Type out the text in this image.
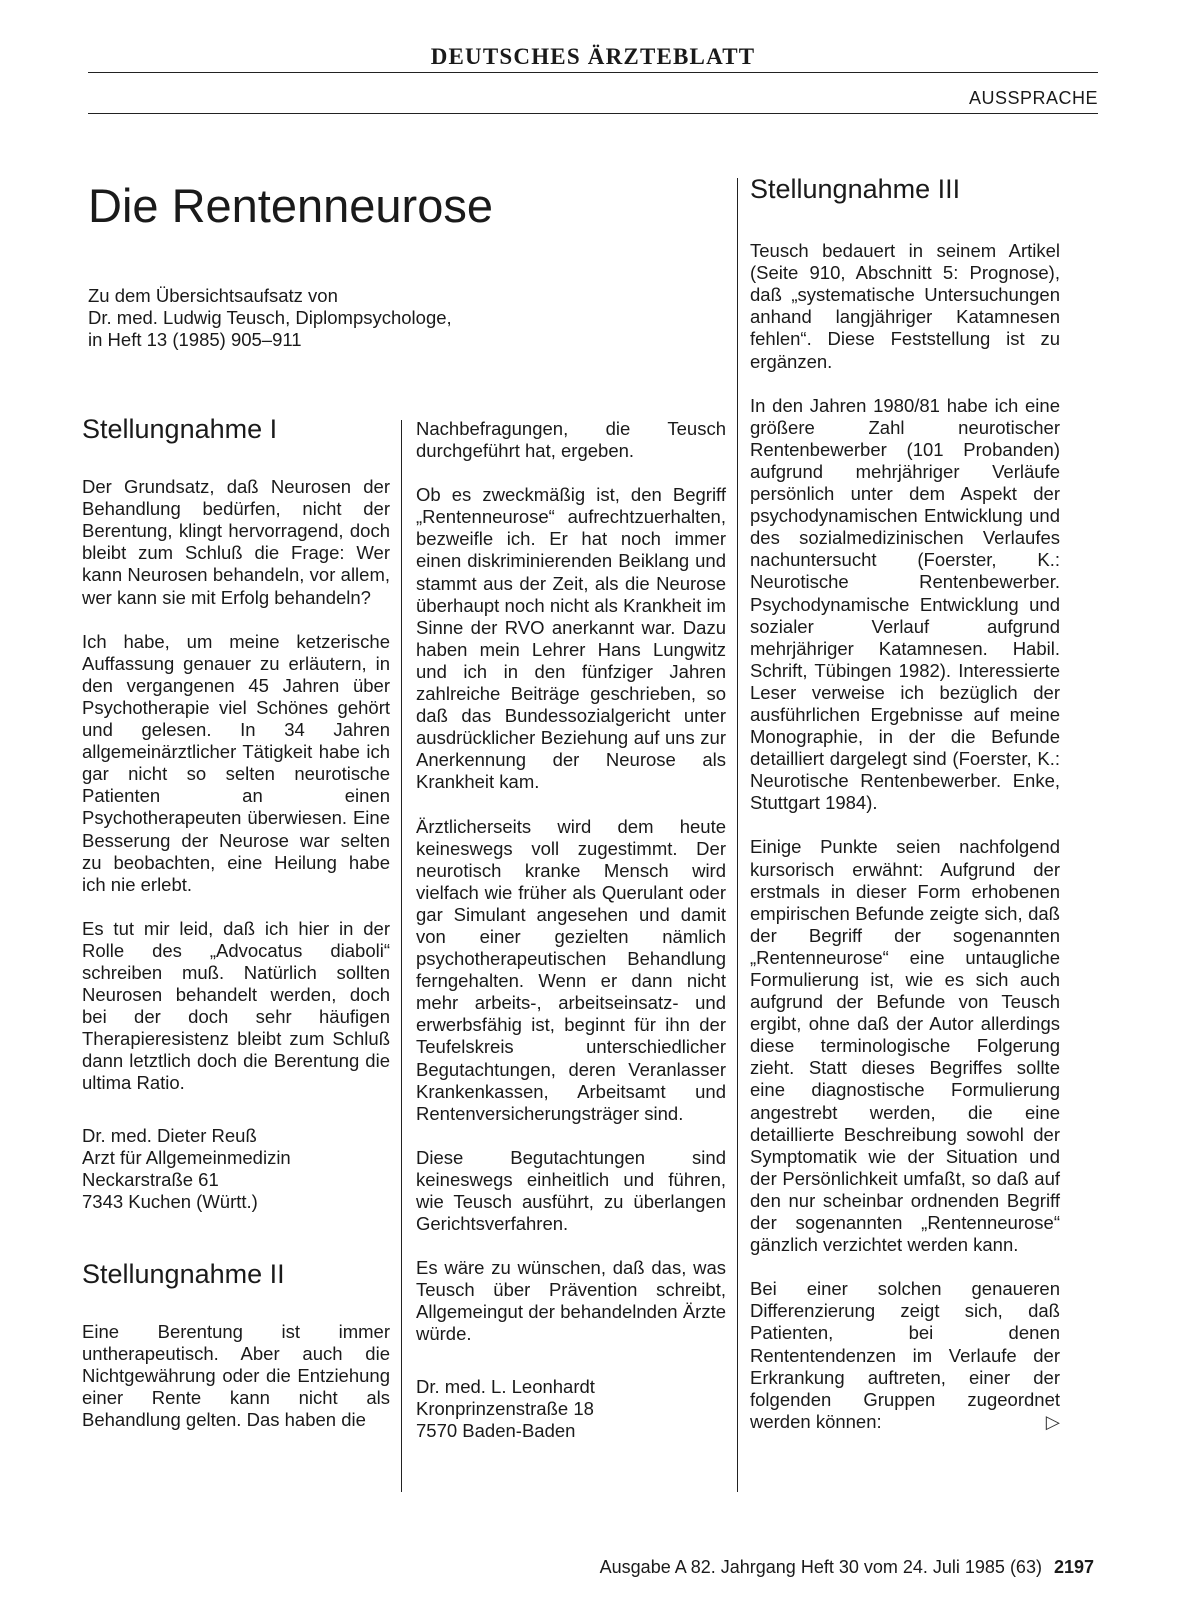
DEUTSCHES ÄRZTEBLATT
AUSSPRACHE
Die Rentenneurose
Zu dem Übersichtsaufsatz von
Dr. med. Ludwig Teusch, Diplompsychologe,
in Heft 13 (1985) 905–911
Stellungnahme I

Der Grundsatz, daß Neurosen der Behandlung bedürfen, nicht der Berentung, klingt hervorragend, doch bleibt zum Schluß die Frage: Wer kann Neurosen behandeln, vor allem, wer kann sie mit Erfolg behandeln?

Ich habe, um meine ketzerische Auffassung genauer zu erläutern, in den vergangenen 45 Jahren über Psychotherapie viel Schönes gehört und gelesen. In 34 Jahren allgemeinärztlicher Tätigkeit habe ich gar nicht so selten neurotische Patienten an einen Psychotherapeuten überwiesen. Eine Besserung der Neurose war selten zu beobachten, eine Heilung habe ich nie erlebt.

Es tut mir leid, daß ich hier in der Rolle des „Advocatus diaboli“ schreiben muß. Natürlich sollten Neurosen behandelt werden, doch bei der doch sehr häufigen Therapieresistenz bleibt zum Schluß dann letztlich doch die Berentung die ultima Ratio.

Dr. med. Dieter Reuß
Arzt für Allgemeinmedizin
Neckarstraße 61
7343 Kuchen (Württ.)
Stellungnahme II

Eine Berentung ist immer untherapeutisch. Aber auch die Nichtgewährung oder die Entziehung einer Rente kann nicht als Behandlung gelten. Das haben die

Nachbefragungen, die Teusch durchgeführt hat, ergeben.

Ob es zweckmäßig ist, den Begriff „Rentenneurose“ aufrechtzuerhalten, bezweifle ich. Er hat noch immer einen diskriminierenden Beiklang und stammt aus der Zeit, als die Neurose überhaupt noch nicht als Krankheit im Sinne der RVO anerkannt war. Dazu haben mein Lehrer Hans Lungwitz und ich in den fünfziger Jahren zahlreiche Beiträge geschrieben, so daß das Bundessozialgericht unter ausdrücklicher Beziehung auf uns zur Anerkennung der Neurose als Krankheit kam.

Ärztlicherseits wird dem heute keineswegs voll zugestimmt. Der neurotisch kranke Mensch wird vielfach wie früher als Querulant oder gar Simulant angesehen und damit von einer gezielten nämlich psychotherapeutischen Behandlung ferngehalten. Wenn er dann nicht mehr arbeits-, arbeitseinsatz- und erwerbsfähig ist, beginnt für ihn der Teufelskreis unterschiedlicher Begutachtungen, deren Veranlasser Krankenkassen, Arbeitsamt und Rentenversicherungsträger sind.

Diese Begutachtungen sind keineswegs einheitlich und führen, wie Teusch ausführt, zu überlangen Gerichtsverfahren.

Es wäre zu wünschen, daß das, was Teusch über Prävention schreibt, Allgemeingut der behandelnden Ärzte würde.

Dr. med. L. Leonhardt
Kronprinzenstraße 18
7570 Baden-Baden
Stellungnahme III

Teusch bedauert in seinem Artikel (Seite 910, Abschnitt 5: Prognose), daß „systematische Untersuchungen anhand langjähriger Katamnesen fehlen“. Diese Feststellung ist zu ergänzen.

In den Jahren 1980/81 habe ich eine größere Zahl neurotischer Rentenbewerber (101 Probanden) aufgrund mehrjähriger Verläufe persönlich unter dem Aspekt der psychodynamischen Entwicklung und des sozialmedizinischen Verlaufes nachuntersucht (Foerster, K.: Neurotische Rentenbewerber. Psychodynamische Entwicklung und sozialer Verlauf aufgrund mehrjähriger Katamnesen. Habil. Schrift, Tübingen 1982). Interessierte Leser verweise ich bezüglich der ausführlichen Ergebnisse auf meine Monographie, in der die Befunde detailliert dargelegt sind (Foerster, K.: Neurotische Rentenbewerber. Enke, Stuttgart 1984).

Einige Punkte seien nachfolgend kursorisch erwähnt: Aufgrund der erstmals in dieser Form erhobenen empirischen Befunde zeigte sich, daß der Begriff der sogenannten „Rentenneurose“ eine untaugliche Formulierung ist, wie es sich auch aufgrund der Befunde von Teusch ergibt, ohne daß der Autor allerdings diese terminologische Folgerung zieht. Statt dieses Begriffes sollte eine diagnostische Formulierung angestrebt werden, die eine detaillierte Beschreibung sowohl der Symptomatik wie der Situation und der Persönlichkeit umfaßt, so daß auf den nur scheinbar ordnenden Begriff der sogenannten „Rentenneurose“ gänzlich verzichtet werden kann.

Bei einer solchen genaueren Differenzierung zeigt sich, daß Patienten, bei denen Rententendenzen im Verlaufe der Erkrankung auftreten, einer der folgenden Gruppen zugeordnet werden können:	▷

Ausgabe A 82. Jahrgang Heft 30 vom 24. Juli 1985 (63) 2197
